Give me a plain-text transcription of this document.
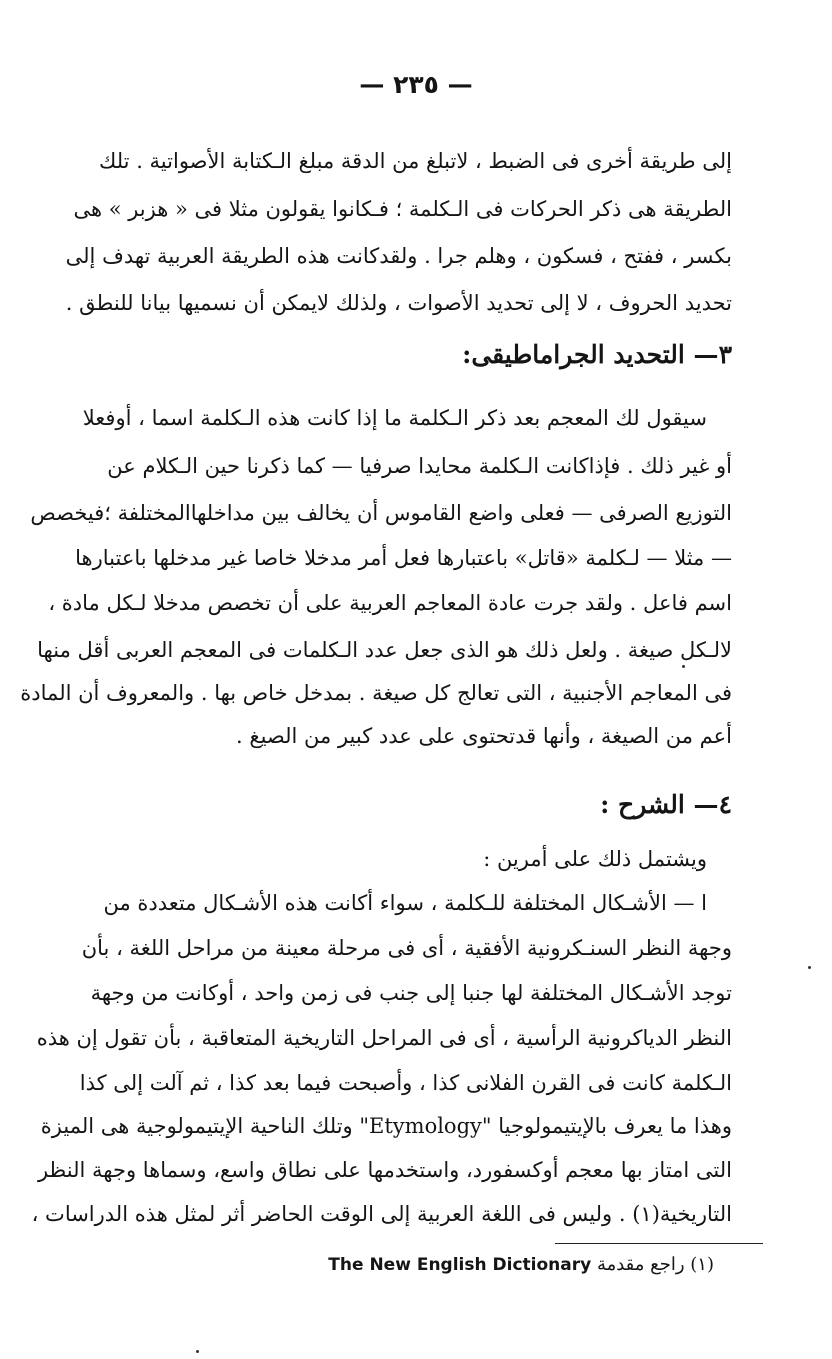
— ٢٣٥ —
إلى طريقة أخرى فى الضبط ، لاتبلغ من الدقة مبلغ الـكتابة الأصواتية . تلك
الطريقة هى ذكر الحركات فى الـكلمة ؛ فـكانوا يقولون مثلا فى « هزبر » هى
بكسر ، ففتح ، فسكون ، وهلم جرا . ولقدكانت هذه الطريقة العربية تهدف إلى
تحديد الحروف ، لا إلى تحديد الأصوات ، ولذلك لايمكن أن نسميها بيانا للنطق .
٣— التحديد الجراماطيقى:
سيقول لك المعجم بعد ذكر الـكلمة ما إذا كانت هذه الـكلمة اسما ، أوفعلا
أو غير ذلك . فإذاكانت الـكلمة محايدا صرفيا — كما ذكرنا حين الـكلام عن
التوزيع الصرفى — فعلى واضع القاموس أن يخالف بين مداخلهاالمختلفة ؛فيخصص
— مثلا — لـكلمة «قاتل» باعتبارها فعل أمر مدخلا خاصا غير مدخلها باعتبارها
اسم فاعل . ولقد جرت عادة المعاجم العربية على أن تخصص مدخلا لـكل مادة ،
لالـكل صيغة . ولعل ذلك هو الذى جعل عدد الـكلمات فى المعجم العربى أقل منها
فى المعاجم الأجنبية ، التى تعالج كل صيغة . بمدخل خاص بها . والمعروف أن المادة
أعم من الصيغة ، وأنها قدتحتوى على عدد كبير من الصيغ .
٤— الشرح :
ويشتمل ذلك على أمرين :
ا — الأشـكال المختلفة للـكلمة ، سواء أكانت هذه الأشـكال متعددة من
وجهة النظر السنـكرونية الأفقية ، أى فى مرحلة معينة من مراحل اللغة ، بأن
توجد الأشـكال المختلفة لها جنبا إلى جنب فى زمن واحد ، أوكانت من وجهة
النظر الدياكرونية الرأسية ، أى فى المراحل التاريخية المتعاقبة ، بأن تقول إن هذه
الـكلمة كانت فى القرن الفلانى كذا ، وأصبحت فيما بعد كذا ، ثم آلت إلى كذا
وهذا ما يعرف بالإيتيمولوجيا "Etymology" وتلك الناحية الإيتيمولوجية هى الميزة
التى امتاز بها معجم أوكسفورد، واستخدمها على نطاق واسع، وسماها وجهة النظر
التاريخية(١) . وليس فى اللغة العربية إلى الوقت الحاضر أثر لمثل هذه الدراسات ،
(١) راجع مقدمة The New English Dictionary
